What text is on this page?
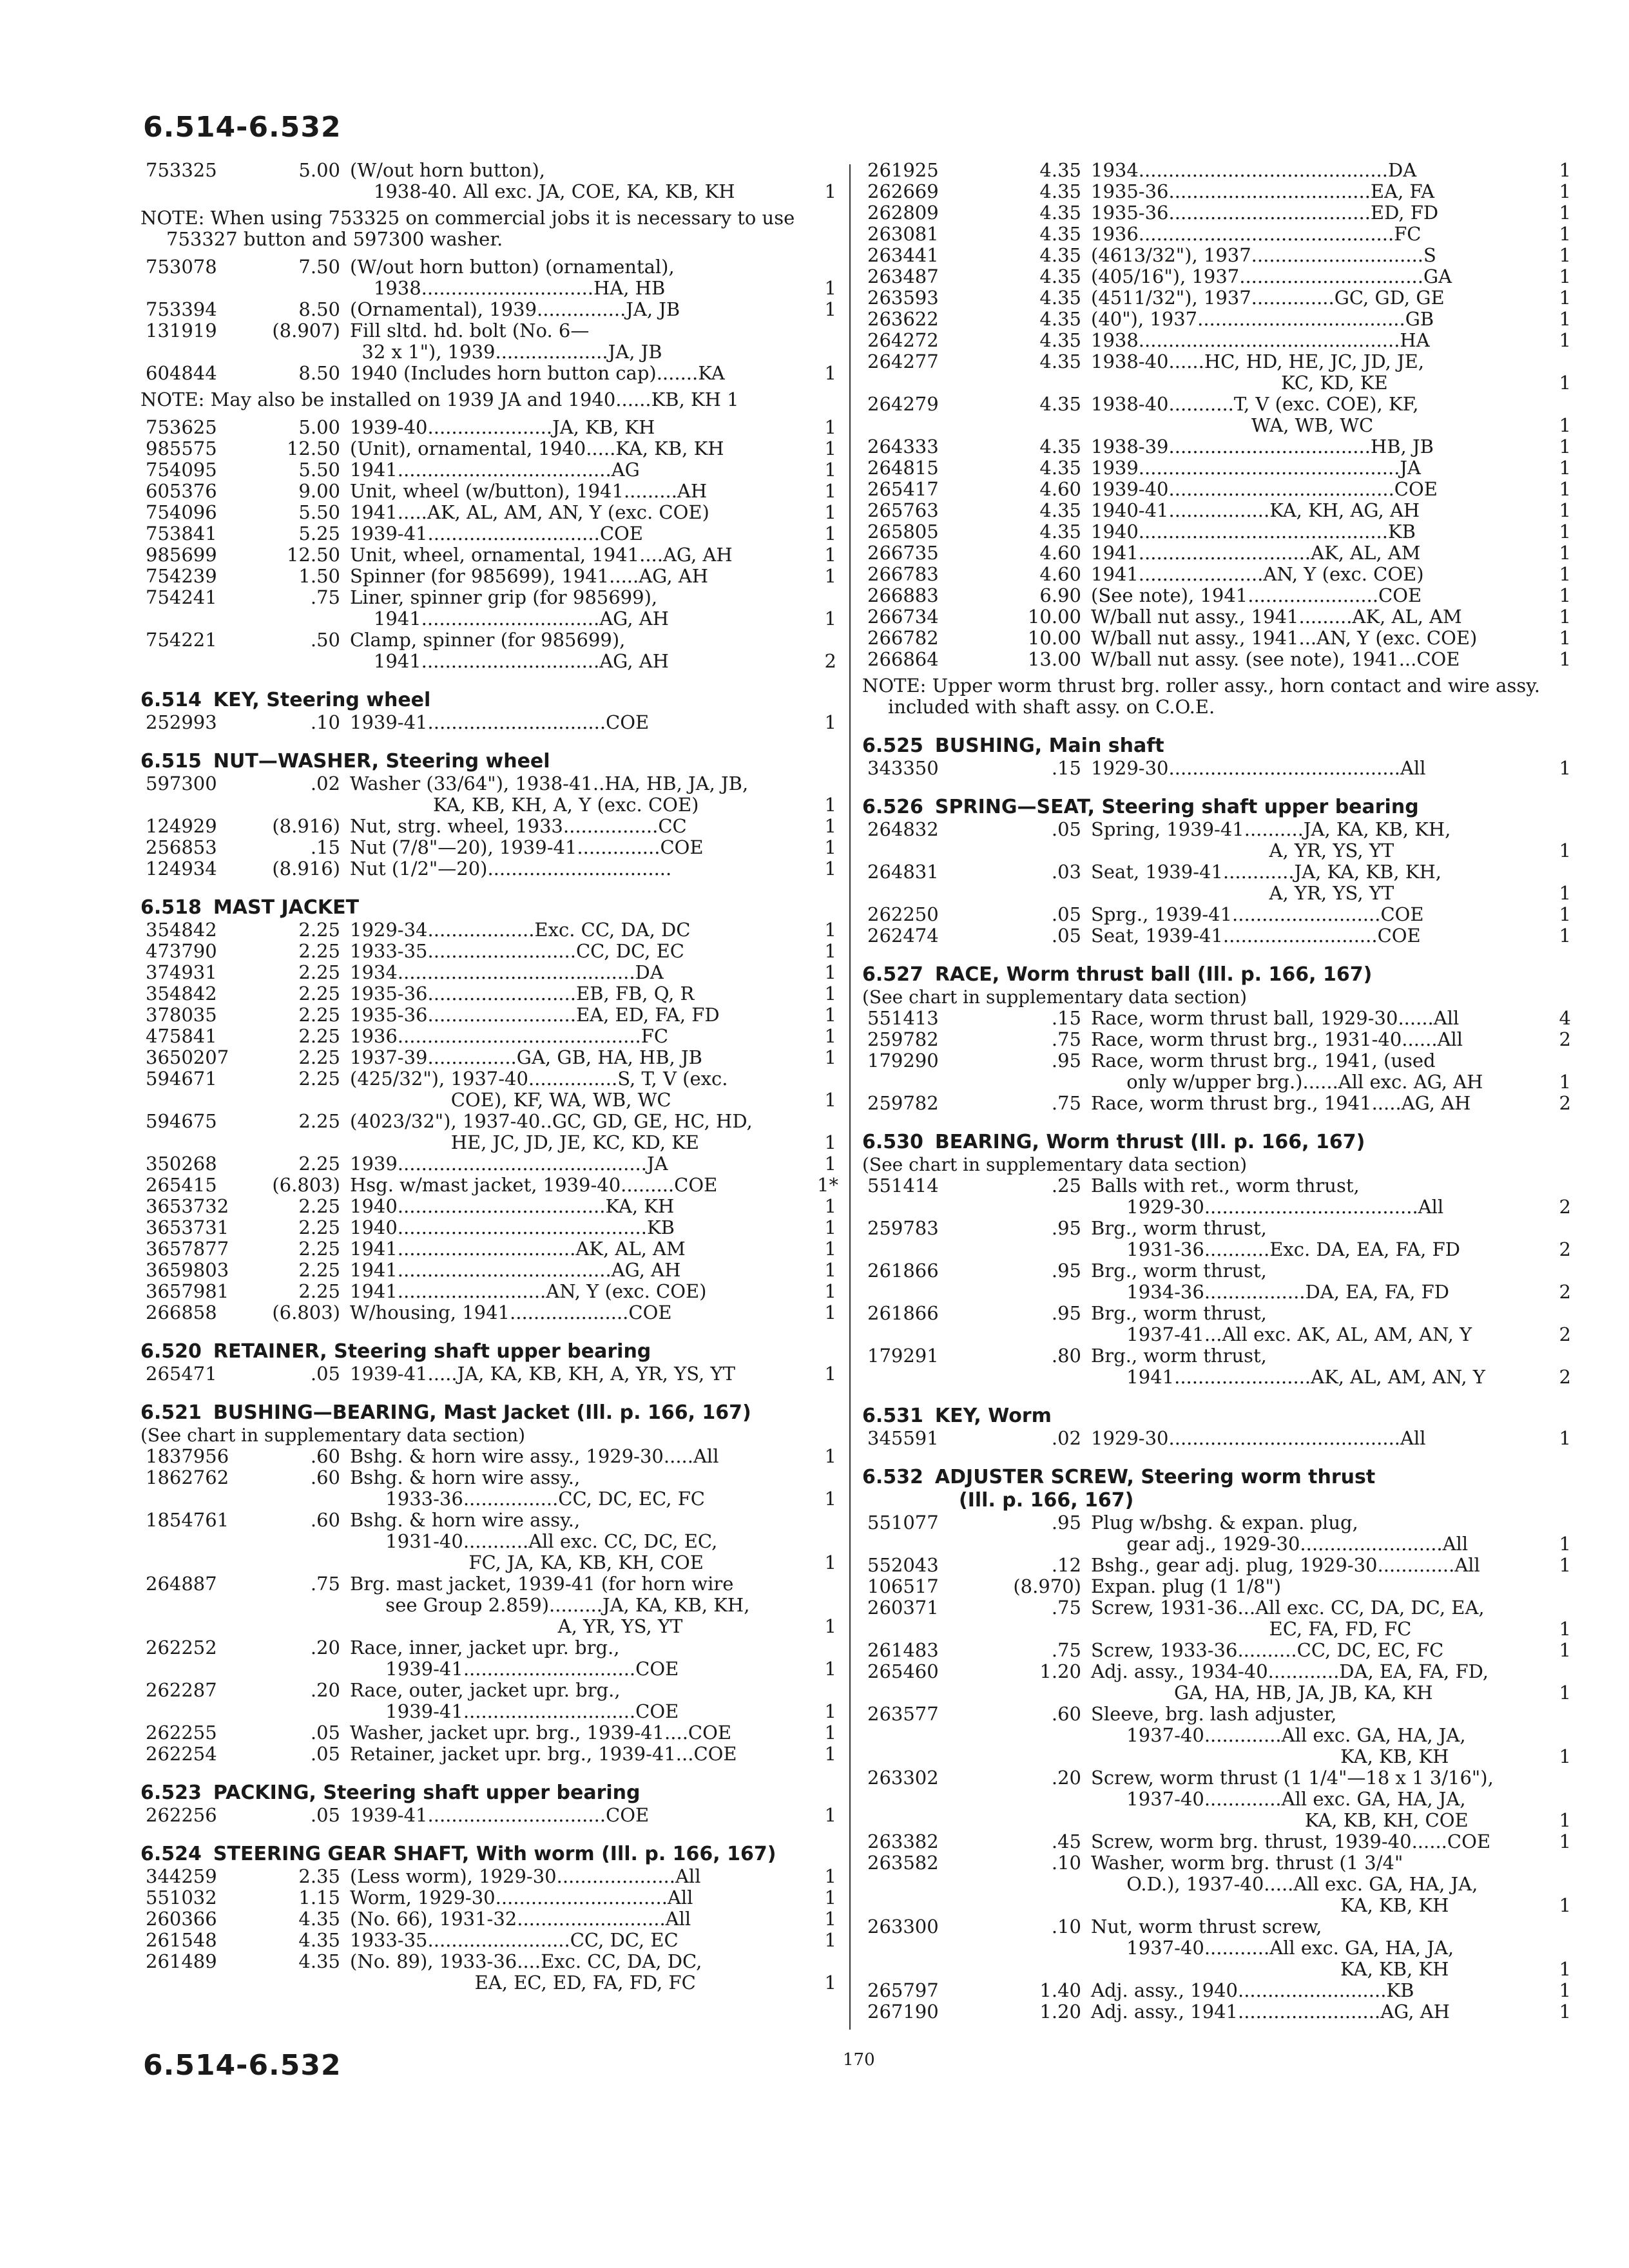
6.514-6.532
753325	5.00 (W/out horn button),
1938-40. All exc. JA, COE, KA, KB, KH	1
NOTE: When using 753325 on commercial jobs it is necessary to use

753327 button and 597300 washer.
753078	7.50 (W/out horn button) (ornamental),
1938.............................HA, HB	1
753394	8.50 (Ornamental), 1939...............JA, JB	1
131919	(8.907) Fill sltd. hd. bolt (No. 6—
32 x 1"), 1939...................JA, JB
604844	8.50 1940 (Includes horn button cap).......KA	1
NOTE: May also be installed on 1939 JA and 1940......KB, KH 1

753625	5.00 1939-40.....................JA, KB, KH	1
985575	12.50 (Unit), ornamental, 1940.....KA, KB, KH	1
754095	5.50 1941....................................AG	1
605376	9.00 Unit, wheel (w/button), 1941.........AH	1
754096	5.50 1941.....AK, AL, AM, AN, Y (exc. COE)	1
753841	5.25 1939-41.............................COE	1
985699	12.50 Unit, wheel, ornamental, 1941....AG, AH	1
754239	1.50 Spinner (for 985699), 1941.....AG, AH	1
754241	.75 Liner, spinner grip (for 985699),
1941..............................AG, AH	1
754221	.50 Clamp, spinner (for 985699),
1941..............................AG, AH	2
6.514 KEY, Steering wheel
252993	.10 1939-41..............................COE	1
6.515 NUT—WASHER, Steering wheel
597300	.02 Washer (33/64"), 1938-41..HA, HB, JA, JB,
KA, KB, KH, A, Y (exc. COE)	1
124929	(8.916) Nut, strg. wheel, 1933................CC	1
256853	.15 Nut (7/8"—20), 1939-41..............COE	1
124934	(8.916) Nut (1/2"—20)...............................	1
6.518 MAST JACKET
354842	2.25 1929-34..................Exc. CC, DA, DC	1
473790	2.25 1933-35.........................CC, DC, EC	1
374931	2.25 1934........................................DA	1
354842	2.25 1935-36.........................EB, FB, Q, R	1
378035	2.25 1935-36.........................EA, ED, FA, FD	1
475841	2.25 1936.........................................FC	1
3650207	2.25 1937-39...............GA, GB, HA, HB, JB	1
594671	2.25 (425/32"), 1937-40...............S, T, V (exc.
COE), KF, WA, WB, WC	1
594675	2.25 (4023/32"), 1937-40..GC, GD, GE, HC, HD,
HE, JC, JD, JE, KC, KD, KE	1
350268	2.25 1939..........................................JA	1
265415	(6.803) Hsg. w/mast jacket, 1939-40.........COE	1*
3653732	2.25 1940...................................KA, KH	1
3653731	2.25 1940..........................................KB	1
3657877	2.25 1941..............................AK, AL, AM	1
3659803	2.25 1941....................................AG, AH	1
3657981	2.25 1941.........................AN, Y (exc. COE)	1
266858	(6.803) W/housing, 1941....................COE	1
6.520 RETAINER, Steering shaft upper bearing
265471	.05 1939-41.....JA, KA, KB, KH, A, YR, YS, YT	1
6.521 BUSHING—BEARING, Mast Jacket (Ill. p. 166, 167)
(See chart in supplementary data section)
1837956	.60 Bshg. & horn wire assy., 1929-30.....All	1
1862762	.60 Bshg. & horn wire assy.,
1933-36................CC, DC, EC, FC	1
1854761	.60 Bshg. & horn wire assy.,
1931-40...........All exc. CC, DC, EC,
FC, JA, KA, KB, KH, COE	1
264887	.75 Brg. mast jacket, 1939-41 (for horn wire
see Group 2.859).........JA, KA, KB, KH,
A, YR, YS, YT	1
262252	.20 Race, inner, jacket upr. brg.,
1939-41.............................COE	1
262287	.20 Race, outer, jacket upr. brg.,
1939-41.............................COE	1
262255	.05 Washer, jacket upr. brg., 1939-41....COE	1
262254	.05 Retainer, jacket upr. brg., 1939-41...COE	1
6.523 PACKING, Steering shaft upper bearing
262256	.05 1939-41..............................COE	1
6.524 STEERING GEAR SHAFT, With worm (Ill. p. 166, 167)
344259	2.35 (Less worm), 1929-30....................All	1
551032	1.15 Worm, 1929-30.............................All	1
260366	4.35 (No. 66), 1931-32.........................All	1
261548	4.35 1933-35........................CC, DC, EC	1
261489	4.35 (No. 89), 1933-36....Exc. CC, DA, DC,
EA, EC, ED, FA, FD, FC	1
261925	4.35 1934..........................................DA	1
262669	4.35 1935-36..................................EA, FA	1
262809	4.35 1935-36..................................ED, FD	1
263081	4.35 1936...........................................FC	1
263441	4.35 (4613/32"), 1937.............................S	1
263487	4.35 (405/16"), 1937...............................GA	1
263593	4.35 (4511/32"), 1937..............GC, GD, GE	1
263622	4.35 (40"), 1937...................................GB	1
264272	4.35 1938............................................HA	1
264277	4.35 1938-40......HC, HD, HE, JC, JD, JE,
KC, KD, KE	1
264279	4.35 1938-40...........T, V (exc. COE), KF,
WA, WB, WC	1
264333	4.35 1938-39..................................HB, JB	1
264815	4.35 1939............................................JA	1
265417	4.60 1939-40......................................COE	1
265763	4.35 1940-41.................KA, KH, AG, AH	1
265805	4.35 1940..........................................KB	1
266735	4.60 1941.............................AK, AL, AM	1
266783	4.60 1941.....................AN, Y (exc. COE)	1
266883	6.90 (See note), 1941......................COE	1
266734	10.00 W/ball nut assy., 1941.........AK, AL, AM	1
266782	10.00 W/ball nut assy., 1941...AN, Y (exc. COE)	1
266864	13.00 W/ball nut assy. (see note), 1941...COE	1
NOTE: Upper worm thrust brg. roller assy., horn contact and wire assy.

included with shaft assy. on C.O.E.
6.525 BUSHING, Main shaft
343350	.15 1929-30.......................................All	1
6.526 SPRING—SEAT, Steering shaft upper bearing
264832	.05 Spring, 1939-41..........JA, KA, KB, KH,
A, YR, YS, YT	1
264831	.03 Seat, 1939-41............JA, KA, KB, KH,
A, YR, YS, YT	1
262250	.05 Sprg., 1939-41.........................COE	1
262474	.05 Seat, 1939-41..........................COE	1
6.527 RACE, Worm thrust ball (Ill. p. 166, 167)
(See chart in supplementary data section)
551413	.15 Race, worm thrust ball, 1929-30......All	4
259782	.75 Race, worm thrust brg., 1931-40......All	2
179290	.95 Race, worm thrust brg., 1941, (used
only w/upper brg.)......All exc. AG, AH	1
259782	.75 Race, worm thrust brg., 1941.....AG, AH	2
6.530 BEARING, Worm thrust (Ill. p. 166, 167)
(See chart in supplementary data section)
551414	.25 Balls with ret., worm thrust,
1929-30....................................All	2
259783	.95 Brg., worm thrust,
1931-36...........Exc. DA, EA, FA, FD	2
261866	.95 Brg., worm thrust,
1934-36.................DA, EA, FA, FD	2
261866	.95 Brg., worm thrust,
1937-41...All exc. AK, AL, AM, AN, Y	2
179291	.80 Brg., worm thrust,
1941.......................AK, AL, AM, AN, Y	2
6.531 KEY, Worm
345591	.02 1929-30.......................................All	1
6.532 ADJUSTER SCREW, Steering worm thrust
(Ill. p. 166, 167)
551077	.95 Plug w/bshg. & expan. plug,
gear adj., 1929-30........................All	1
552043	.12 Bshg., gear adj. plug, 1929-30.............All	1
106517	(8.970) Expan. plug (1 1/8")
260371	.75 Screw, 1931-36...All exc. CC, DA, DC, EA,
EC, FA, FD, FC	1
261483	.75 Screw, 1933-36..........CC, DC, EC, FC	1
265460	1.20 Adj. assy., 1934-40............DA, EA, FA, FD,
GA, HA, HB, JA, JB, KA, KH	1
263577	.60 Sleeve, brg. lash adjuster,
1937-40.............All exc. GA, HA, JA,
KA, KB, KH	1
263302	.20 Screw, worm thrust (1 1/4"—18 x 1 3/16"),
1937-40.............All exc. GA, HA, JA,
KA, KB, KH, COE	1
263382	.45 Screw, worm brg. thrust, 1939-40......COE	1
263582	.10 Washer, worm brg. thrust (1 3/4"
O.D.), 1937-40.....All exc. GA, HA, JA,
KA, KB, KH	1
263300	.10 Nut, worm thrust screw,
1937-40...........All exc. GA, HA, JA,
KA, KB, KH	1
265797	1.40 Adj. assy., 1940.........................KB	1
267190	1.20 Adj. assy., 1941........................AG, AH	1
6.514-6.532	170
